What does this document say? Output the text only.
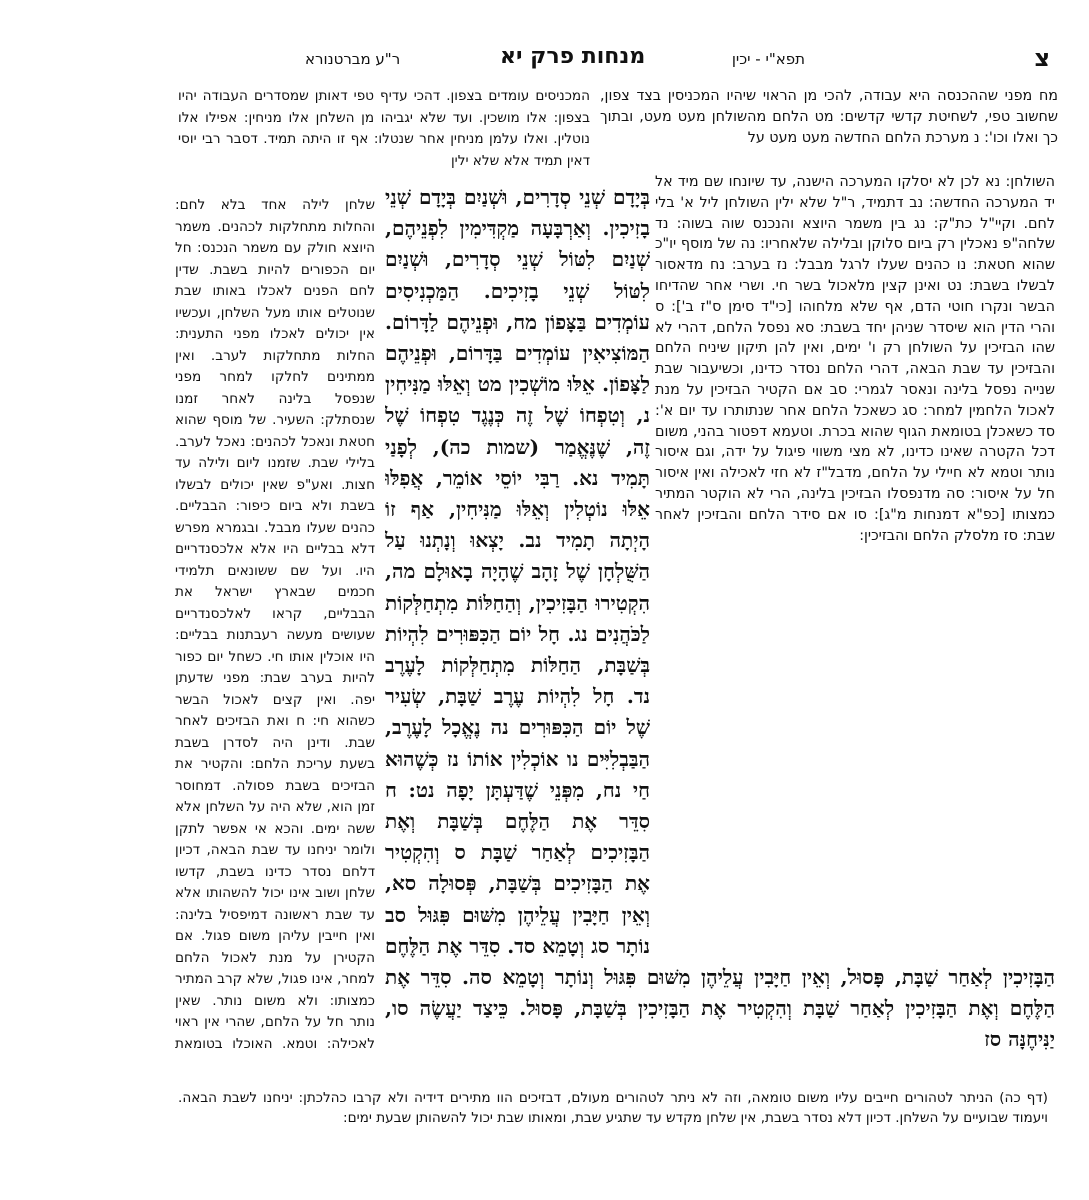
צ
תפא"י - יכין
מנחות פרק יא
ר"ע מברטנורא

מח מפני שההכנסה היא עבודה, להכי מן הראוי שיהיו המכניסין בצד צפון, שחשוב טפי, לשחיטת קדשי קדשים: מט הלחם מהשולחן מעט מעט, ובתוך כך ואלו וכו': נ מערכת הלחם החדשה מעט מעט על

המכניסים עומדים בצפון. דהכי עדיף טפי דאותן שמסדרים העבודה יהיו בצפון: אלו מושכין. ועד שלא יגביהו מן השלחן אלו מניחין: אפילו אלו נוטלין. ואלו עלמן מניחין אחר שנטלו: אף זו היתה תמיד. דסבר רבי יוסי דאין תמיד אלא שלא ילין

שלחן לילה אחד בלא לחם: והחלות מתחלקות לכהנים. משמר היוצא חולק עם משמר הנכנס: חל יום הכפורים להיות בשבת. שדין לחם הפנים לאכלו באותו שבת שנוטלים אותו מעל השלחן, ועכשיו אין יכולים לאכלו מפני התענית: החלות מתחלקות לערב. ואין ממתינים לחלקו למחר מפני שנפסל בלינה לאחר זמנו שנסתלק: השעיר. של מוסף שהוא חטאת ונאכל לכהנים: נאכל לערב. בלילי שבת. שזמנו ליום ולילה עד חצות. ואע"פ שאין יכולים לבשלו בשבת ולא ביום כיפור: הבבליים. כהנים שעלו מבבל. ובגמרא מפרש דלא בבליים היו אלא אלכסנדריים היו. ועל שם ששונאים תלמידי חכמים שבארץ ישראל את הבבליים, קראו לאלכסנדריים שעושים מעשה רעבתנות בבליים: היו אוכלין אותו חי. כשחל יום כפור להיות בערב שבת: מפני שדעתן יפה. ואין קצים לאכול הבשר כשהוא חי: ח ואת הבזיכים לאחר שבת. ודינן היה לסדרן בשבת בשעת עריכת הלחם: והקטיר את הבזיכים בשבת פסולה. דמחוסר זמן הוא, שלא היה על השלחן אלא ששה ימים. והכא אי אפשר לתקן ולומר יניחנו עד שבת הבאה, דכיון דלחם נסדר כדינו בשבת, קדשו שלחן ושוב אינו יכול להשהותו אלא עד שבת ראשונה דמיפסיל בלינה: ואין חייבין עליהן משום פגול. אם הקטירן על מנת לאכול הלחם למחר, אינו פגול, שלא קרב המתיר כמצותו: ולא משום נותר. שאין נותר חל על הלחם, שהרי אין ראוי לאכילה: וטמא. האוכלו בטומאת

בְּיָדָם שְׁנֵי סְדָרִים, וּשְׁנַיִם בְּיָדָם שְׁנֵי בָזִיכִין. וְאַרְבָּעָה מַקְדִּימִין לִפְנֵיהֶם, שְׁנַיִם לִטּוֹל שְׁנֵי סְדָרִים, וּשְׁנַיִם לִטּוֹל שְׁנֵי בָזִיכִים. הַמַּכְנִיסִים עוֹמְדִים בַּצָּפוֹן מח, וּפְנֵיהֶם לַדָּרוֹם. הַמּוֹצִיאִין עוֹמְדִים בַּדָּרוֹם, וּפְנֵיהֶם לַצָּפוֹן. אֵלּוּ מוֹשְׁכִין מט וְאֵלּוּ מַנִּיחִין נ, וְטִפְחוֹ שֶׁל זֶה כְּנֶגֶד טִפְחוֹ שֶׁל זֶה, שֶׁנֶּאֱמַר (שמות כה), לְפָנַי תָּמִיד נא. רַבִּי יוֹסֵי אוֹמֵר, אֲפִלּוּ אֵלּוּ נוֹטְלִין וְאֵלּוּ מַנִּיחִין, אַף זוֹ הָיְתָה תָמִיד נב. יָצְאוּ וְנָתְנוּ עַל הַשֻּׁלְחָן שֶׁל זָהָב שֶׁהָיָה בָאוּלָם מה, הִקְטִירוּ הַבָּזִיכִין, וְהַחַלּוֹת מִתְחַלְּקוֹת לַכֹּהֲנִים נג. חָל יוֹם הַכִּפּוּרִים לִהְיוֹת בְּשַׁבָּת, הַחַלּוֹת מִתְחַלְּקוֹת לָעֶרֶב נד. חָל לִהְיוֹת עֶרֶב שַׁבָּת, שְׂעִיר שֶׁל יוֹם הַכִּפּוּרִים נה נֶאֱכָל לָעֶרֶב, הַבַּבְלִיִּים נו אוֹכְלִין אוֹתוֹ נז כְּשֶׁהוּא חַי נח, מִפְּנֵי שֶׁדַּעְתָּן יָפָה נט: ח סִדֵּר אֶת הַלֶּחֶם בְּשַׁבָּת וְאֶת הַבָּזִיכִים לְאַחַר שַׁבָּת ס וְהִקְטִיר אֶת הַבָּזִיכִים בְּשַׁבָּת, פְּסוּלָה סא, וְאֵין חַיָּבִין עֲלֵיהֶן מִשּׁוּם פִּגּוּל סב נוֹתָר סג וְטָמֵא סד. סִדֵּר אֶת הַלֶּחֶם

השולחן: נא לכן לא יסלקו המערכה הישנה, עד שיונחו שם מיד אל יד המערכה החדשה: נב דתמיד, ר"ל שלא ילין השולחן ליל א' בלי לחם. וקיי"ל כת"ק: נג בין משמר היוצא והנכנס שוה בשוה: נד שלחה"פ נאכלין רק ביום סלוקן ובלילה שלאחריו: נה של מוסף יו"כ שהוא חטאת: נו כהנים שעלו לרגל מבבל: נז בערב: נח מדאסור לבשלו בשבת: נט ואינן קצין מלאכול בשר חי. ושרי אחר שהדיחו הבשר ונקרו חוטי הדם, אף שלא מלחוהו [כי"ד סימן ס"ז ב']: ס והרי הדין הוא שיסדר שניהן יחד בשבת: סא נפסל הלחם, דהרי לא שהו הבזיכין על השולחן רק ו' ימים, ואין להן תיקון שיניח הלחם והבזיכין עד שבת הבאה, דהרי הלחם נסדר כדינו, וכשיעבור שבת שנייה נפסל בלינה ונאסר לגמרי: סב אם הקטיר הבזיכין על מנת לאכול הלחמין למחר: סג כשאכל הלחם אחר שנתותרו עד יום א': סד כשאכלן בטומאת הגוף שהוא בכרת. וטעמא דפטור בהני, משום דכל הקטרה שאינו כדינו, לא מצי משווי פיגול על ידה, וגם איסור נותר וטמא לא חיילי על הלחם, מדבל"ז לא חזי לאכילה ואין איסור חל על איסור: סה מדנפסלו הבזיכין בלינה, הרי לא הוקטר המתיר כמצותו [כפ"א דמנחות מ"ג]: סו אם סידר הלחם והבזיכין לאחר שבת: סז מלסלק הלחם והבזיכין:

הַבָּזִיכִין לְאַחַר שַׁבָּת, פָּסוּל, וְאֵין חַיָּבִין עֲלֵיהֶן מִשּׁוּם פִּגּוּל וְנוֹתָר וְטָמֵא סה. סִדֵּר אֶת הַלֶּחֶם וְאֶת הַבָּזִיכִין לְאַחַר שַׁבָּת וְהִקְטִיר אֶת הַבָּזִיכִין בְּשַׁבָּת, פָּסוּל. כֵּיצַד יַעֲשֶׂה סו, יַנִּיחֶנָּה סז

(דף כה) הניתר לטהורים חייבים עליו משום טומאה, וזה לא ניתר לטהורים מעולם, דבזיכים הוו מתירים דידיה ולא קרבו כהלכתן: יניחנו לשבת הבאה. ויעמוד שבועיים על השלחן. דכיון דלא נסדר בשבת, אין שלחן מקדש עד שתגיע שבת, ומאותו שבת יכול להשהותן שבעת ימים:
